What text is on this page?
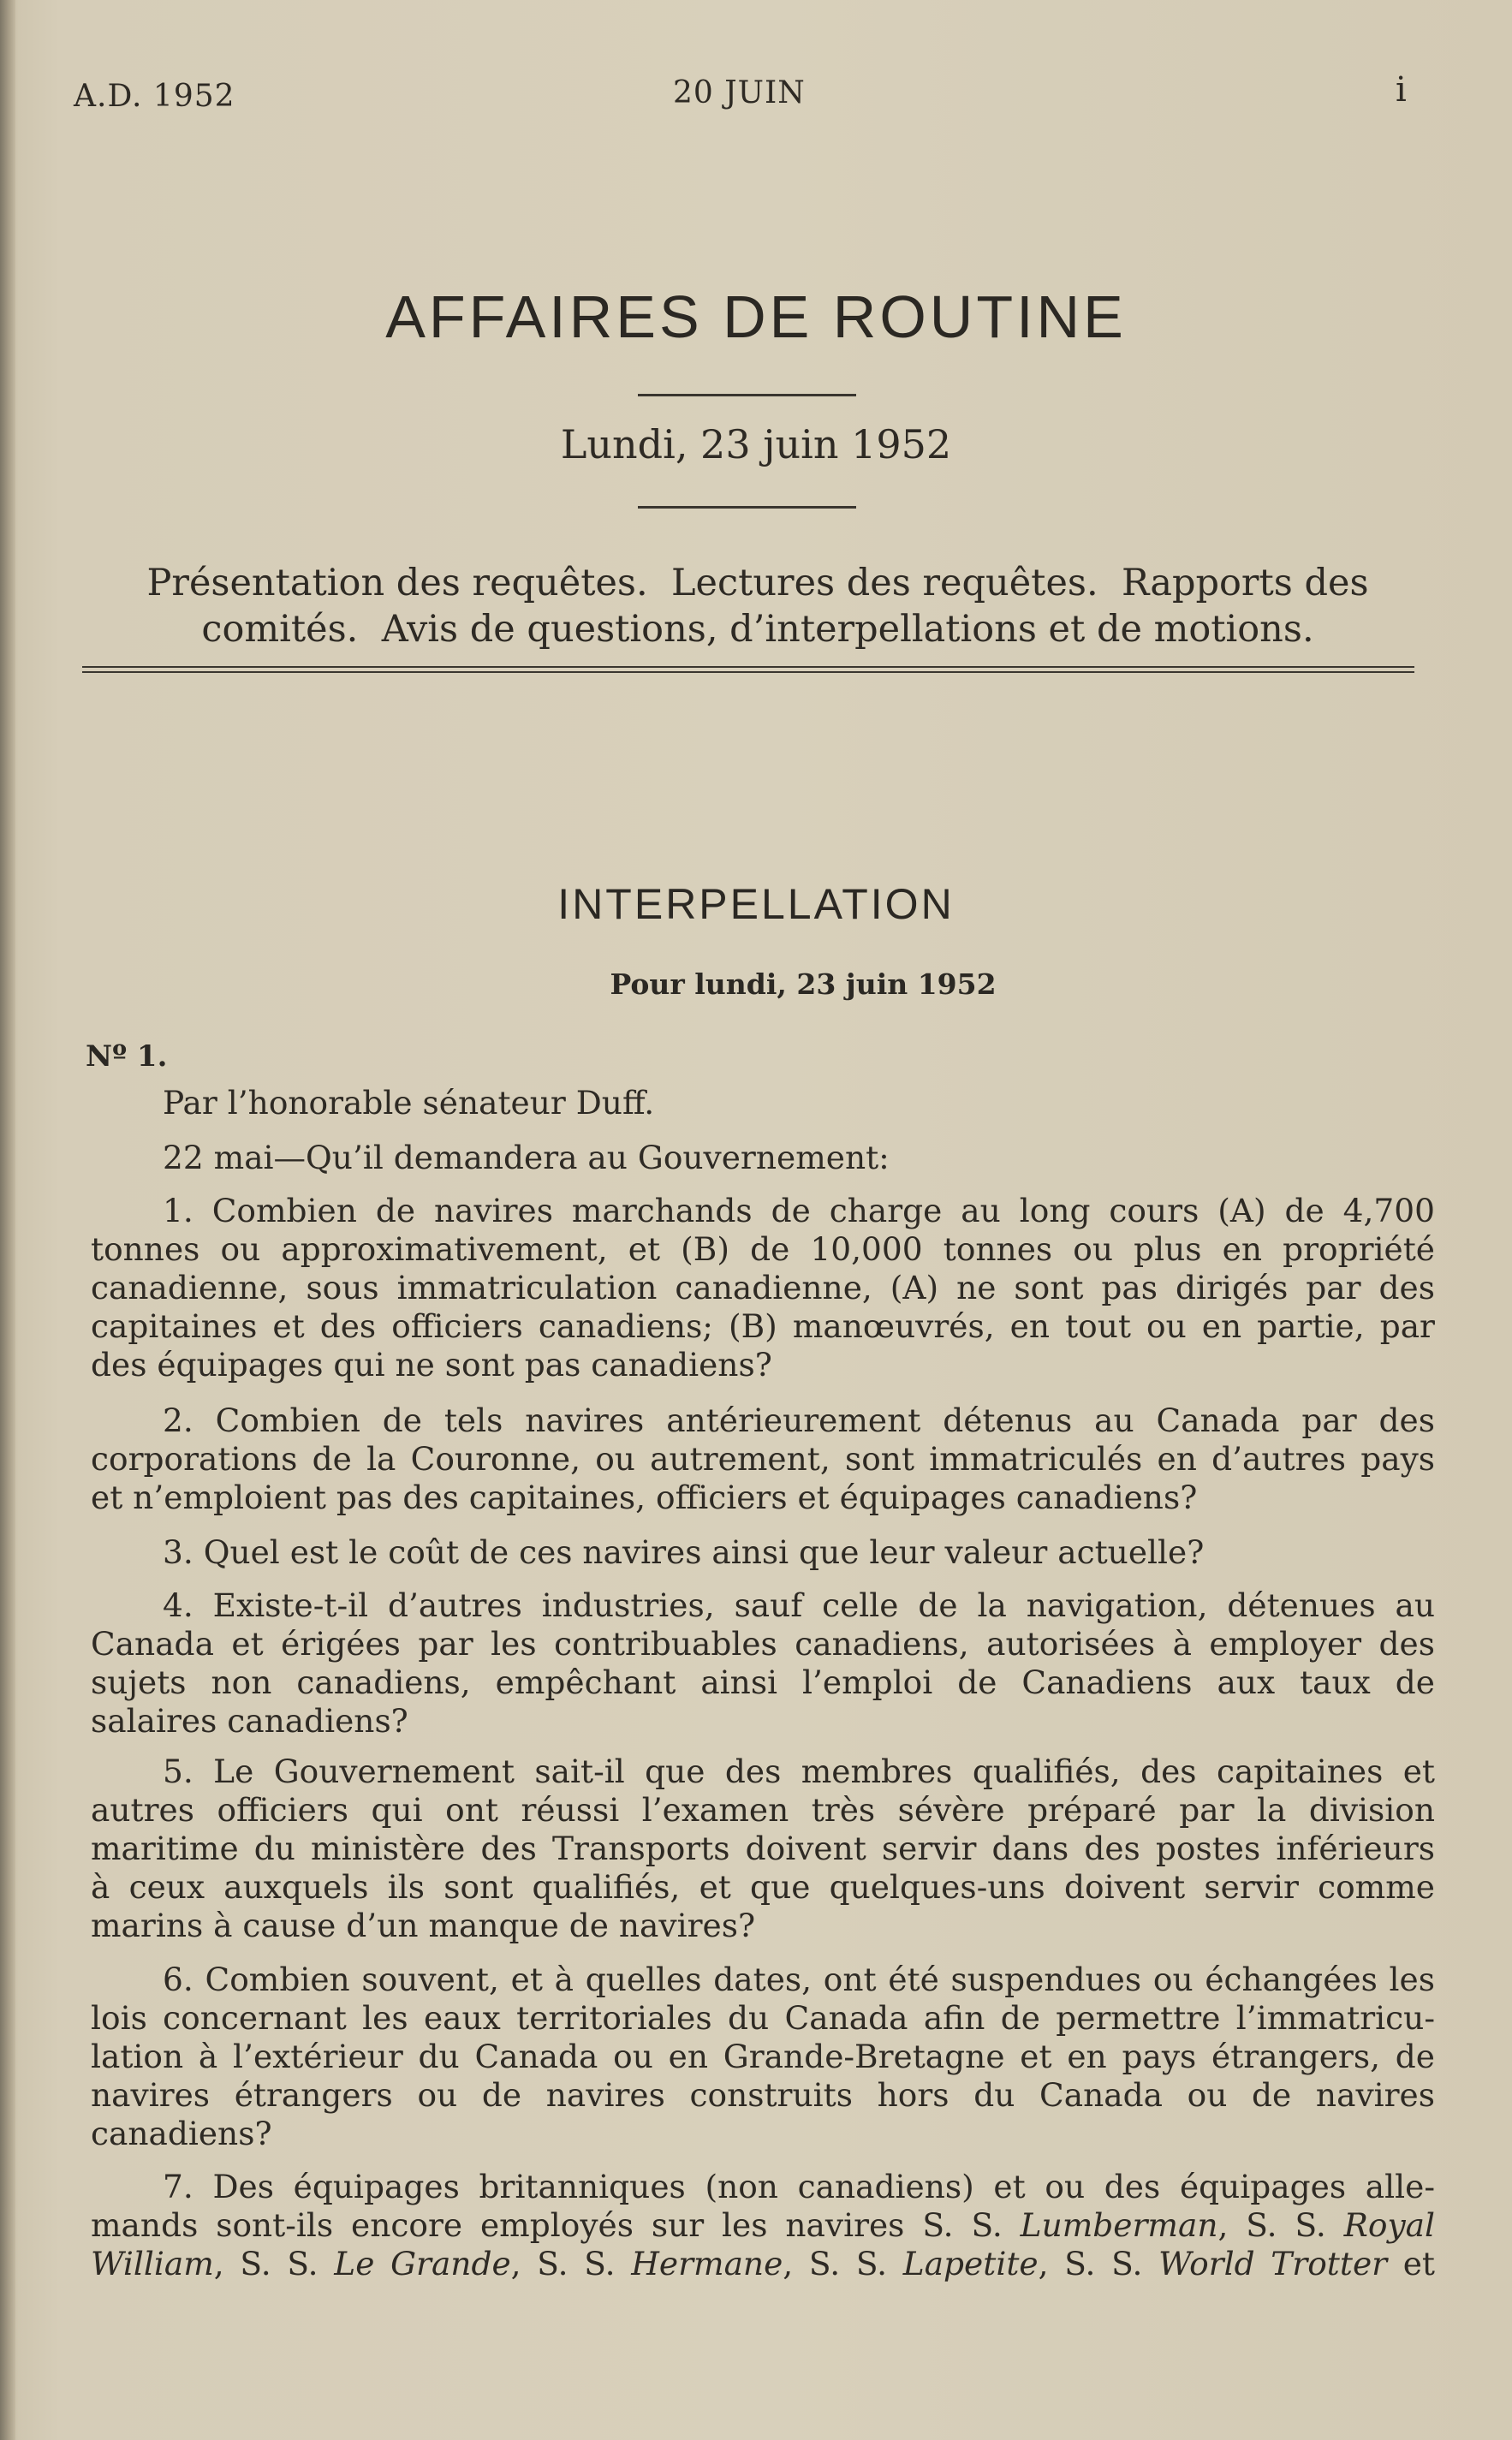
A.D. 1952	20 JUIN	i
AFFAIRES DE ROUTINE
Lundi, 23 juin 1952
Présentation des requêtes.  Lectures des requêtes.  Rapports des
comités.  Avis de questions, d’interpellations et de motions.
INTERPELLATION
Pour lundi, 23 juin 1952
Nº 1.
Par l’honorable sénateur Duff.
22 mai—Qu’il demandera au Gouvernement:
1. Combien de navires marchands de charge au long cours (A) de 4,700
tonnes ou approximativement, et (B) de 10,000 tonnes ou plus en propriété
canadienne, sous immatriculation canadienne, (A) ne sont pas dirigés par des
capitaines et des officiers canadiens; (B) manœuvrés, en tout ou en partie, par
des équipages qui ne sont pas canadiens?
2. Combien de tels navires antérieurement détenus au Canada par des
corporations de la Couronne, ou autrement, sont immatriculés en d’autres pays
et n’emploient pas des capitaines, officiers et équipages canadiens?
3. Quel est le coût de ces navires ainsi que leur valeur actuelle?
4. Existe-t-il d’autres industries, sauf celle de la navigation, détenues au
Canada et érigées par les contribuables canadiens, autorisées à employer des
sujets non canadiens, empêchant ainsi l’emploi de Canadiens aux taux de
salaires canadiens?
5. Le Gouvernement sait-il que des membres qualifiés, des capitaines et
autres officiers qui ont réussi l’examen très sévère préparé par la division
maritime du ministère des Transports doivent servir dans des postes inférieurs
à ceux auxquels ils sont qualifiés, et que quelques-uns doivent servir comme
marins à cause d’un manque de navires?
6. Combien souvent, et à quelles dates, ont été suspendues ou échangées les
lois concernant les eaux territoriales du Canada afin de permettre l’immatricu-
lation à l’extérieur du Canada ou en Grande-Bretagne et en pays étrangers, de
navires étrangers ou de navires construits hors du Canada ou de navires
canadiens?
7. Des équipages britanniques (non canadiens) et ou des équipages alle-
mands sont-ils encore employés sur les navires S. S. Lumberman, S. S. Royal
William, S. S. Le Grande, S. S. Hermane, S. S. Lapetite, S. S. World Trotter et
